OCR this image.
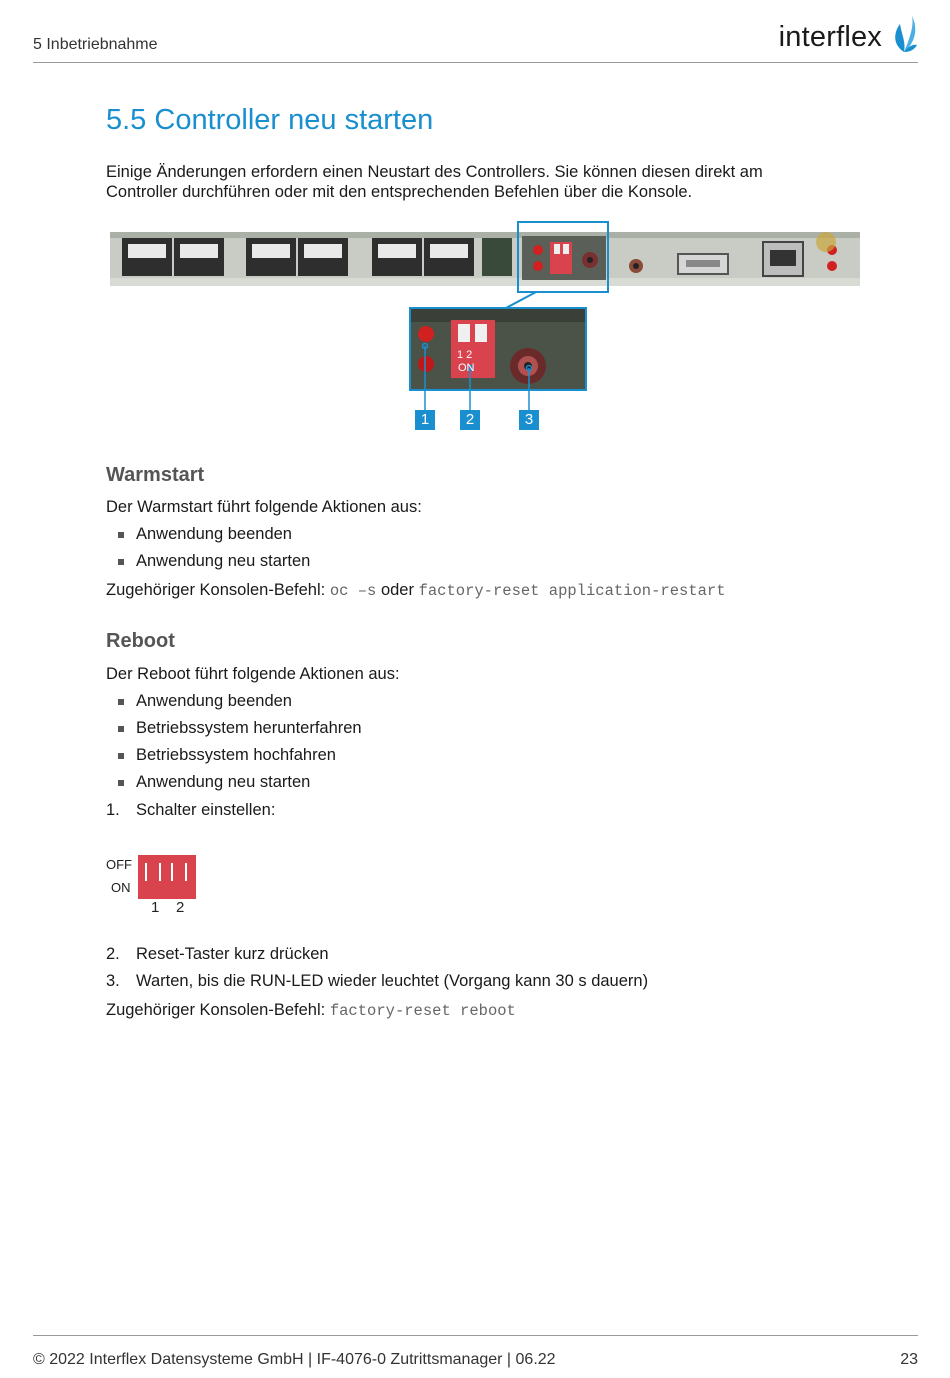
5 Inbetriebnahme	interflex
5.5 Controller neu starten
Einige Änderungen erfordern einen Neustart des Controllers. Sie können diesen direkt am
Controller durchführen oder mit den entsprechenden Befehlen über die Konsole.
1 2
ON
1	2	3
Warmstart
Der Warmstart führt folgende Aktionen aus:
Anwendung beenden
Anwendung neu starten
Zugehöriger Konsolen-Befehl: oc –s oder factory-reset application-restart
Reboot
Der Reboot führt folgende Aktionen aus:
Anwendung beenden
Betriebssystem herunterfahren
Betriebssystem hochfahren
Anwendung neu starten
1. Schalter einstellen:
OFF
ON
1 2
2. Reset-Taster kurz drücken
3. Warten, bis die RUN-LED wieder leuchtet (Vorgang kann 30 s dauern)
Zugehöriger Konsolen-Befehl: factory-reset reboot
© 2022 Interflex Datensysteme GmbH | IF-4076-0 Zutrittsmanager | 06.22	23
